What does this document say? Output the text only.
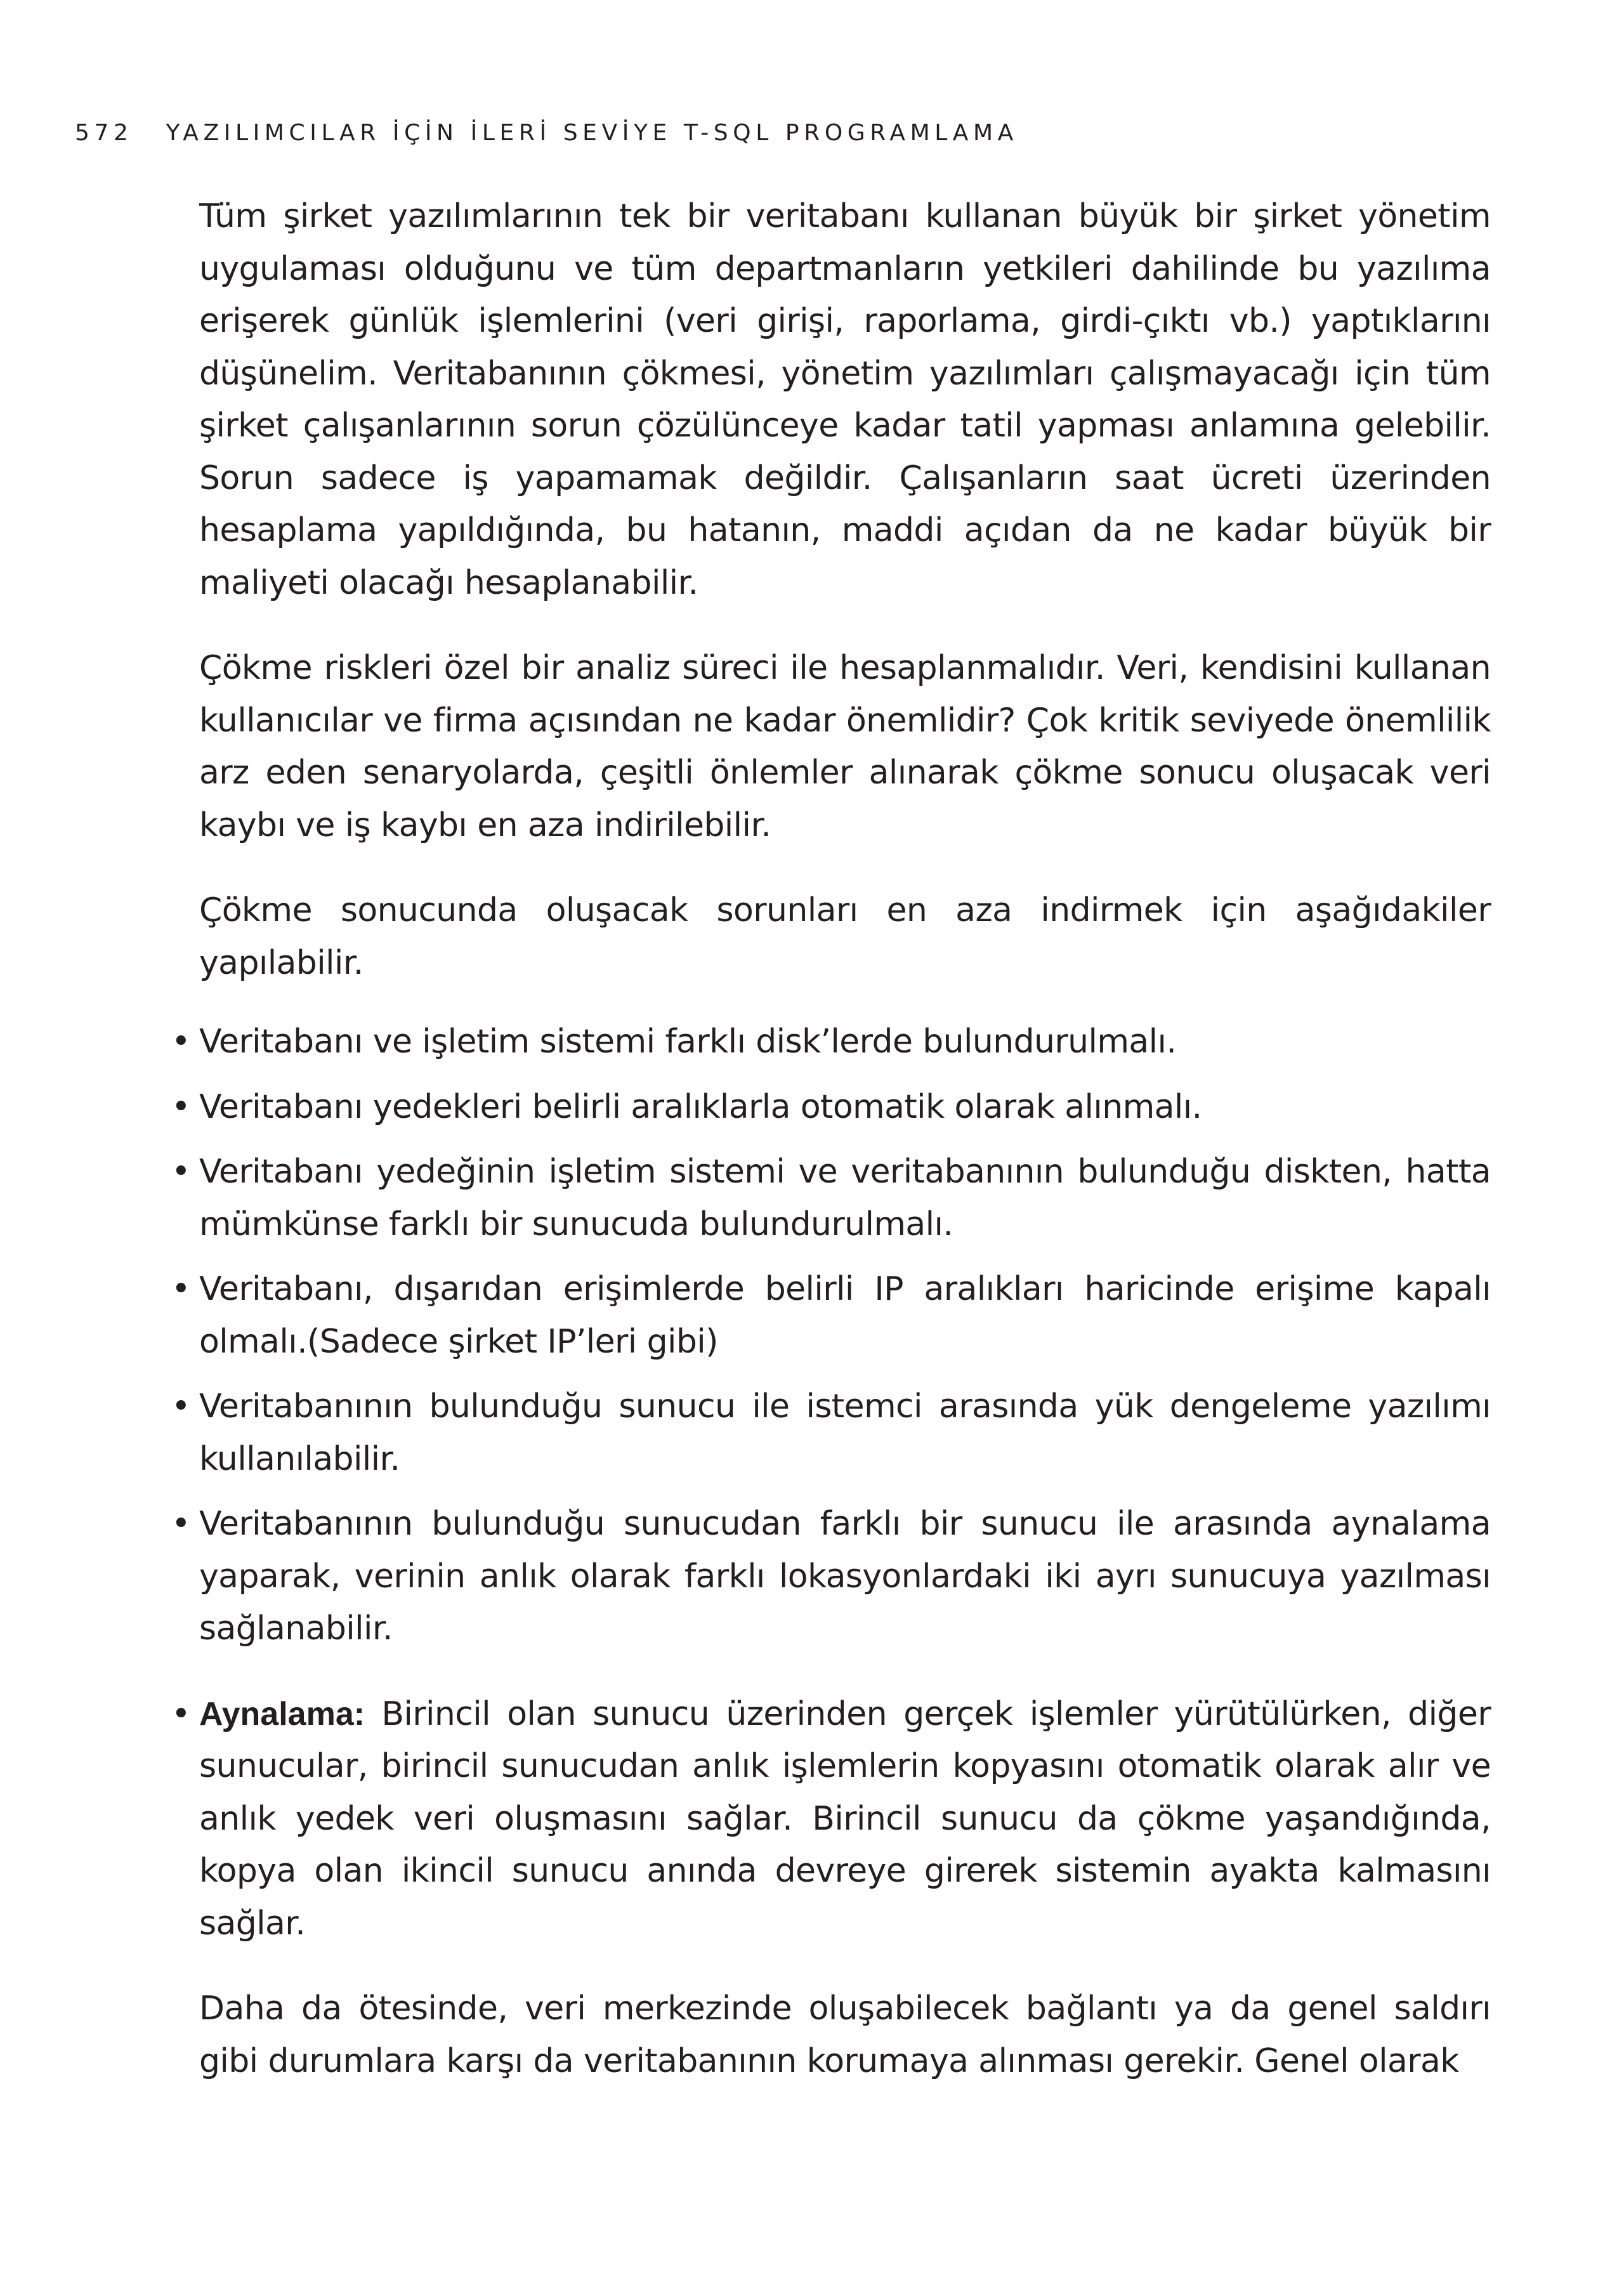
572 YAZILIMCILAR İÇİN İLERİ SEVİYE T-SQL PROGRAMLAMA

Tüm şirket yazılımlarının tek bir veritabanı kullanan büyük bir şirket yönetim uygulaması olduğunu ve tüm departmanların yetkileri dahilinde bu yazılıma erişerek günlük işlemlerini (veri girişi, raporlama, girdi-çıktı vb.) yaptıklarını düşünelim. Veritabanının çökmesi, yönetim yazılımları çalışmayacağı için tüm şirket çalışanlarının sorun çözülünceye kadar tatil yapması anlamına gelebilir. Sorun sadece iş yapamamak değildir. Çalışanların saat ücreti üzerinden hesaplama yapıldığında, bu hatanın, maddi açıdan da ne kadar büyük bir maliyeti olacağı hesaplanabilir.

Çökme riskleri özel bir analiz süreci ile hesaplanmalıdır. Veri, kendisini kullanan kullanıcılar ve firma açısından ne kadar önemlidir? Çok kritik seviyede önemlilik arz eden senaryolarda, çeşitli önlemler alınarak çökme sonucu oluşacak veri kaybı ve iş kaybı en aza indirilebilir.

Çökme sonucunda oluşacak sorunları en aza indirmek için aşağıdakiler yapılabilir.

• Veritabanı ve işletim sistemi farklı disk’lerde bulundurulmalı.
• Veritabanı yedekleri belirli aralıklarla otomatik olarak alınmalı.
• Veritabanı yedeğinin işletim sistemi ve veritabanının bulunduğu diskten, hatta mümkünse farklı bir sunucuda bulundurulmalı.
• Veritabanı, dışarıdan erişimlerde belirli IP aralıkları haricinde erişime kapalı olmalı.(Sadece şirket IP’leri gibi)
• Veritabanının bulunduğu sunucu ile istemci arasında yük dengeleme yazılımı kullanılabilir.
• Veritabanının bulunduğu sunucudan farklı bir sunucu ile arasında aynalama yaparak, verinin anlık olarak farklı lokasyonlardaki iki ayrı sunucuya yazılması sağlanabilir.
• Aynalama: Birincil olan sunucu üzerinden gerçek işlemler yürütülürken, diğer sunucular, birincil sunucudan anlık işlemlerin kopyasını otomatik olarak alır ve anlık yedek veri oluşmasını sağlar. Birincil sunucu da çökme yaşandığında, kopya olan ikincil sunucu anında devreye girerek sistemin ayakta kalmasını sağlar.

Daha da ötesinde, veri merkezinde oluşabilecek bağlantı ya da genel saldırı gibi durumlara karşı da veritabanının korumaya alınması gerekir. Genel olarak
